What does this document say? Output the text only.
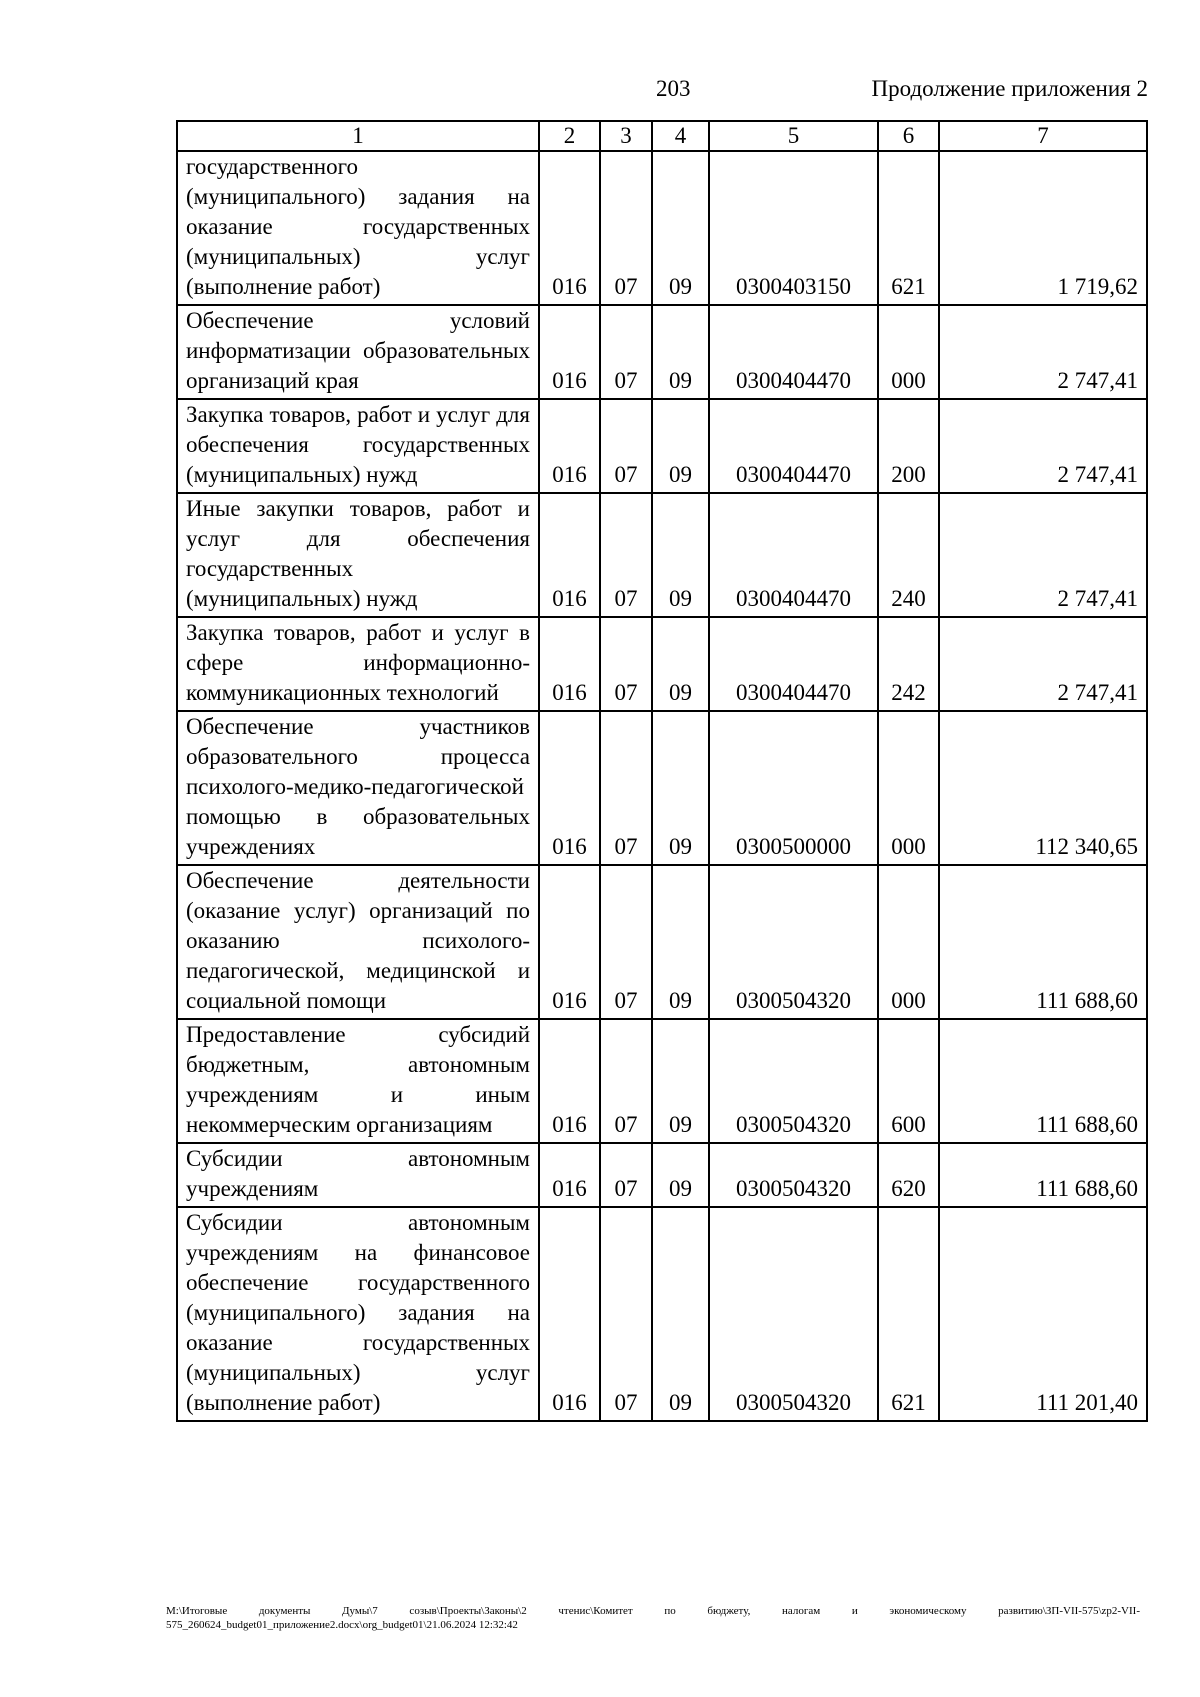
203	Продолжение приложения 2
1	2	3	4	5	6	7
государственного (муниципального) задания на оказание государственных (муниципальных) услуг (выполнение работ)	016	07	09	0300403150	621	1 719,62
Обеспечение условий информатизации образовательных организаций края	016	07	09	0300404470	000	2 747,41
Закупка товаров, работ и услуг для обеспечения государственных (муниципальных) нужд	016	07	09	0300404470	200	2 747,41
Иные закупки товаров, работ и услуг для обеспечения государственных (муниципальных) нужд	016	07	09	0300404470	240	2 747,41
Закупка товаров, работ и услуг в сфере информационно-коммуникационных технологий	016	07	09	0300404470	242	2 747,41
Обеспечение участников образовательного процесса психолого-медико-педагогической помощью в образовательных учреждениях	016	07	09	0300500000	000	112 340,65
Обеспечение деятельности (оказание услуг) организаций по оказанию психолого-педагогической, медицинской и социальной помощи	016	07	09	0300504320	000	111 688,60
Предоставление субсидий бюджетным, автономным учреждениям и иным некоммерческим организациям	016	07	09	0300504320	600	111 688,60
Субсидии автономным учреждениям	016	07	09	0300504320	620	111 688,60
Субсидии автономным учреждениям на финансовое обеспечение государственного (муниципального) задания на оказание государственных (муниципальных) услуг (выполнение работ)	016	07	09	0300504320	621	111 201,40
М:\Итоговые документы Думы\7 созыв\Проекты\Законы\2 чтенис\Комитет по бюджету, налогам и экономическому развитию\ЗП-VII-575\zp2-VII-575_260624_budget01_приложение2.docx\org_budget01\21.06.2024 12:32:42
